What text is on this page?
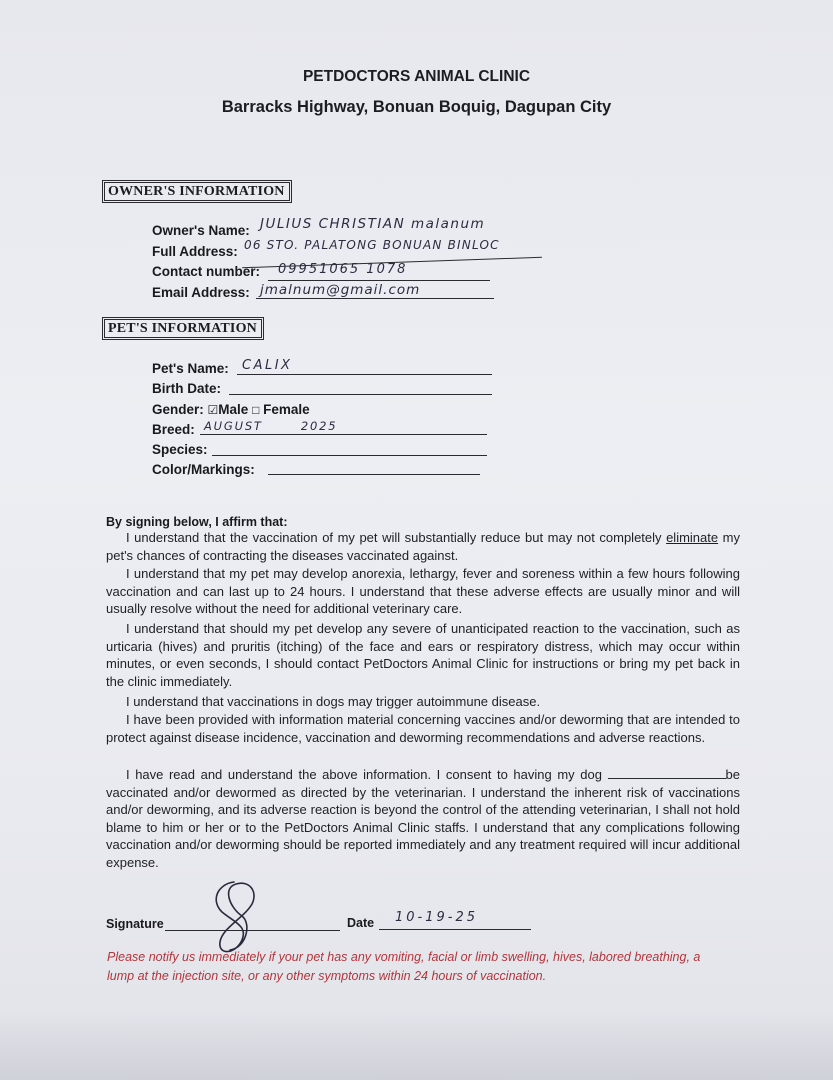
PETDOCTORS ANIMAL CLINIC
Barracks Highway, Bonuan Boquig, Dagupan City
OWNER'S INFORMATION
Owner's Name: JULIUS CHRISTIAN malanum
Full Address: 06 STO. PALATONG BONUAN BINLOC
Contact number: 09951065 1078
Email Address: jmalnum@gmail.com
PET'S INFORMATION
Pet's Name: CALIX
Birth Date:
Gender: ☑Male □ Female
Breed: AUGUST       2025
Species:
Color/Markings:
By signing below, I affirm that:
I understand that the vaccination of my pet will substantially reduce but may not completely eliminate my pet's chances of contracting the diseases vaccinated against.
I understand that my pet may develop anorexia, lethargy, fever and soreness within a few hours following vaccination and can last up to 24 hours. I understand that these adverse effects are usually minor and will usually resolve without the need for additional veterinary care.
I understand that should my pet develop any severe of unanticipated reaction to the vaccination, such as urticaria (hives) and pruritis (itching) of the face and ears or respiratory distress, which may occur within minutes, or even seconds, I should contact PetDoctors Animal Clinic for instructions or bring my pet back in the clinic immediately.
I understand that vaccinations in dogs may trigger autoimmune disease.
I have been provided with information material concerning vaccines and/or deworming that are intended to protect against disease incidence, vaccination and deworming recommendations and adverse reactions.
I have read and understand the above information. I consent to having my dog	be vaccinated and/or dewormed as directed by the veterinarian. I understand the inherent risk of vaccinations and/or deworming, and its adverse reaction is beyond the control of the attending veterinarian, I shall not hold blame to him or her or to the PetDoctors Animal Clinic staffs. I understand that any complications following vaccination and/or deworming should be reported immediately and any treatment required will incur additional expense.
Signature	Date 10-19-25
Please notify us immediately if your pet has any vomiting, facial or limb swelling, hives, labored breathing, a lump at the injection site, or any other symptoms within 24 hours of vaccination.
